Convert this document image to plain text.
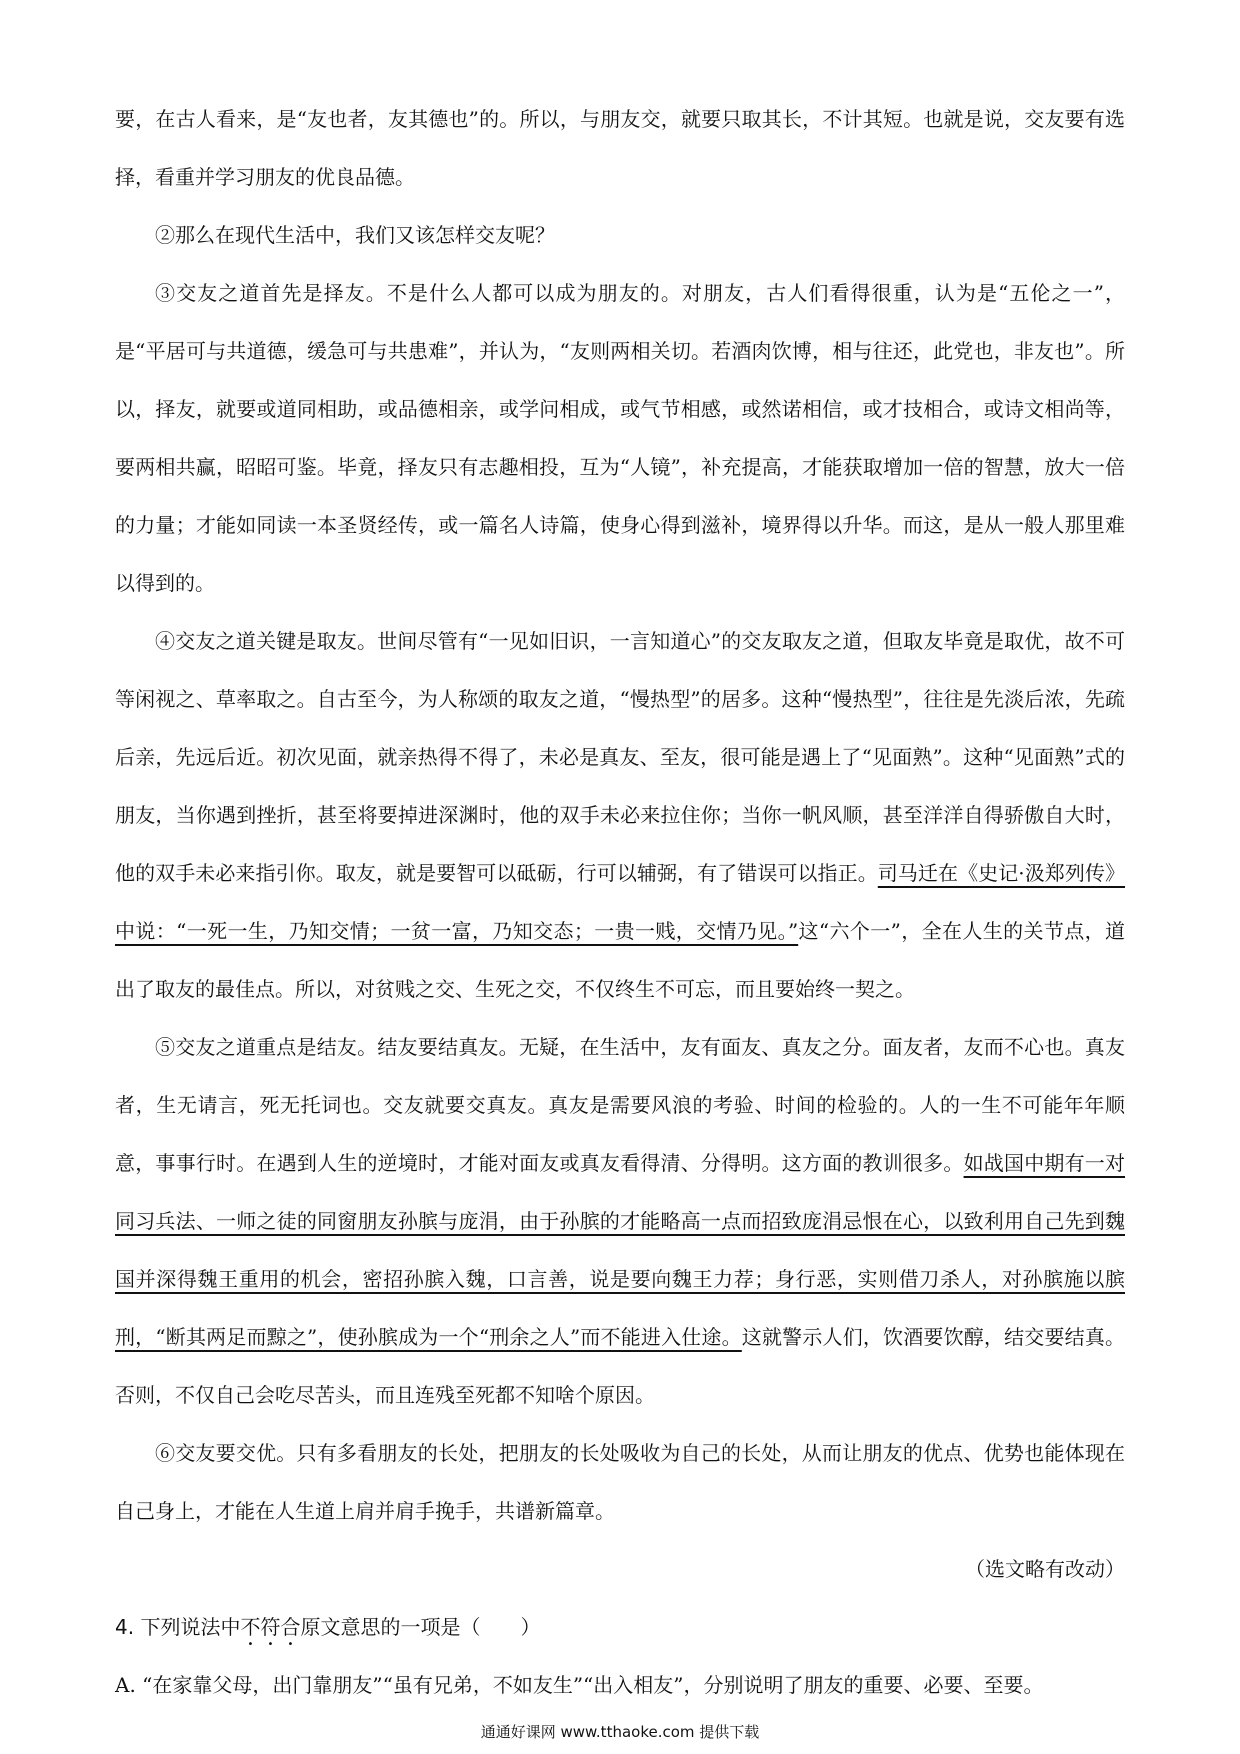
要，在古人看来，是“友也者，友其德也”的。所以，与朋友交，就要只取其长，不计其短。也就是说，交友要有选择，看重并学习朋友的优良品德。

②那么在现代生活中，我们又该怎样交友呢？

③交友之道首先是择友。不是什么人都可以成为朋友的。对朋友，古人们看得很重，认为是“五伦之一”，是“平居可与共道德，缓急可与共患难”，并认为，“友则两相关切。若酒肉饮博，相与往还，此党也，非友也”。所以，择友，就要或道同相助，或品德相亲，或学问相成，或气节相感，或然诺相信，或才技相合，或诗文相尚等，要两相共赢，昭昭可鉴。毕竟，择友只有志趣相投，互为“人镜”，补充提高，才能获取增加一倍的智慧，放大一倍的力量；才能如同读一本圣贤经传，或一篇名人诗篇，使身心得到滋补，境界得以升华。而这，是从一般人那里难以得到的。

④交友之道关键是取友。世间尽管有“一见如旧识，一言知道心”的交友取友之道，但取友毕竟是取优，故不可等闲视之、草率取之。自古至今，为人称颂的取友之道，“慢热型”的居多。这种“慢热型”，往往是先淡后浓，先疏后亲，先远后近。初次见面，就亲热得不得了，未必是真友、至友，很可能是遇上了“见面熟”。这种“见面熟”式的朋友，当你遇到挫折，甚至将要掉进深渊时，他的双手未必来拉住你；当你一帆风顺，甚至洋洋自得骄傲自大时，他的双手未必来指引你。取友，就是要智可以砥砺，行可以辅弼，有了错误可以指正。司马迁在《史记·汲郑列传》中说：“一死一生，乃知交情；一贫一富，乃知交态；一贵一贱，交情乃见。”这“六个一”，全在人生的关节点，道出了取友的最佳点。所以，对贫贱之交、生死之交，不仅终生不可忘，而且要始终一契之。

⑤交友之道重点是结友。结友要结真友。无疑，在生活中，友有面友、真友之分。面友者，友而不心也。真友者，生无请言，死无托词也。交友就要交真友。真友是需要风浪的考验、时间的检验的。人的一生不可能年年顺意，事事行时。在遇到人生的逆境时，才能对面友或真友看得清、分得明。这方面的教训很多。如战国中期有一对同习兵法、一师之徒的同窗朋友孙膑与庞涓，由于孙膑的才能略高一点而招致庞涓忌恨在心，以致利用自己先到魏国并深得魏王重用的机会，密招孙膑入魏，口言善，说是要向魏王力荐；身行恶，实则借刀杀人，对孙膑施以膑刑，“断其两足而黥之”，使孙膑成为一个“刑余之人”而不能进入仕途。这就警示人们，饮酒要饮醇，结交要结真。否则，不仅自己会吃尽苦头，而且连残至死都不知啥个原因。

⑥交友要交优。只有多看朋友的长处，把朋友的长处吸收为自己的长处，从而让朋友的优点、优势也能体现在自己身上，才能在人生道上肩并肩手挽手，共谱新篇章。

（选文略有改动）

4. 下列说法中不符合原文意思的一项是（　　）

A. “在家靠父母，出门靠朋友”“虽有兄弟，不如友生”“出入相友”，分别说明了朋友的重要、必要、至要。

通通好课网 www.tthaoke.com 提供下载
